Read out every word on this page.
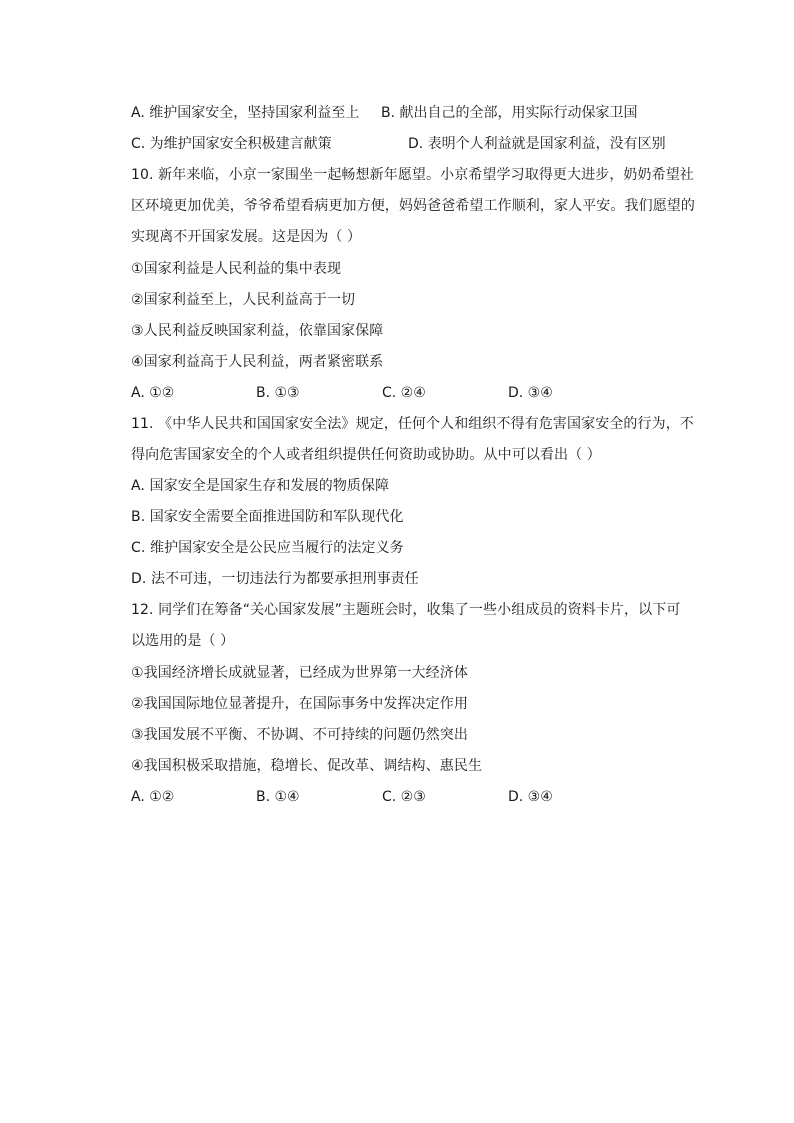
A. 维护国家安全，坚持国家利益至上 B. 献出自己的全部，用实际行动保家卫国
C. 为维护国家安全积极建言献策	D. 表明个人利益就是国家利益，没有区别
10. 新年来临，小京一家围坐一起畅想新年愿望。小京希望学习取得更大进步，奶奶希望社
区环境更加优美，爷爷希望看病更加方便，妈妈爸爸希望工作顺利，家人平安。我们愿望的
实现离不开国家发展。这是因为（ ）
①国家利益是人民利益的集中表现
②国家利益至上，人民利益高于一切
③人民利益反映国家利益，依靠国家保障
④国家利益高于人民利益，两者紧密联系
A. ①②	B. ①③	C. ②④	D. ③④
11. 《中华人民共和国国家安全法》规定，任何个人和组织不得有危害国家安全的行为，不
得向危害国家安全的个人或者组织提供任何资助或协助。从中可以看出（ ）
A. 国家安全是国家生存和发展的物质保障
B. 国家安全需要全面推进国防和军队现代化
C. 维护国家安全是公民应当履行的法定义务
D. 法不可违，一切违法行为都要承担刑事责任
12. 同学们在筹备“关心国家发展”主题班会时，收集了一些小组成员的资料卡片，以下可
以选用的是（ ）
①我国经济增长成就显著，已经成为世界第一大经济体
②我国国际地位显著提升，在国际事务中发挥决定作用
③我国发展不平衡、不协调、不可持续的问题仍然突出
④我国积极采取措施，稳增长、促改革、调结构、惠民生
A. ①②	B. ①④	C. ②③	D. ③④
